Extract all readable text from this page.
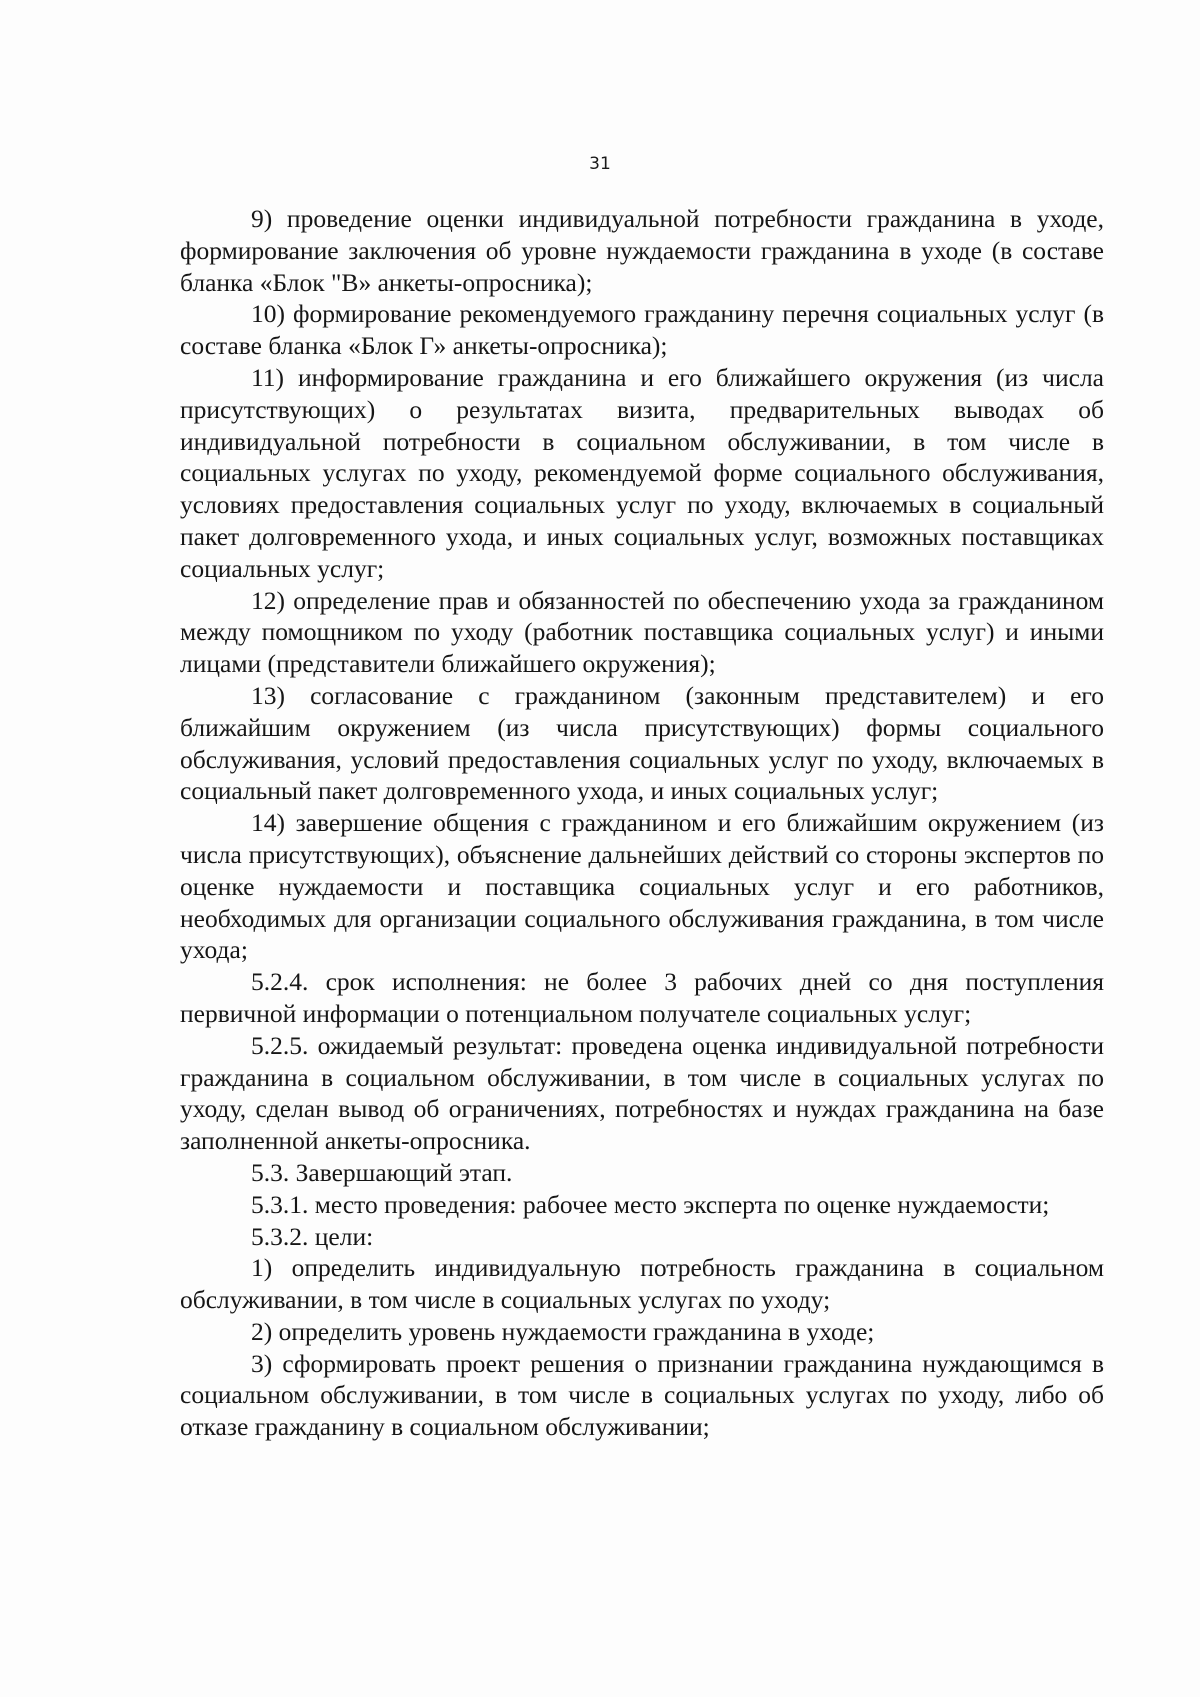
31

9) проведение оценки индивидуальной потребности гражданина в уходе, формирование заключения об уровне нуждаемости гражданина в уходе (в составе бланка «Блок "В» анкеты-опросника);

10) формирование рекомендуемого гражданину перечня социальных услуг (в составе бланка «Блок Г» анкеты-опросника);

11) информирование гражданина и его ближайшего окружения (из числа присутствующих) о результатах визита, предварительных выводах об индивидуальной потребности в социальном обслуживании, в том числе в социальных услугах по уходу, рекомендуемой форме социального обслуживания, условиях предоставления социальных услуг по уходу, включаемых в социальный пакет долговременного ухода, и иных социальных услуг, возможных поставщиках социальных услуг;

12) определение прав и обязанностей по обеспечению ухода за гражданином между помощником по уходу (работник поставщика социальных услуг) и иными лицами (представители ближайшего окружения);

13) согласование с гражданином (законным представителем) и его ближайшим окружением (из числа присутствующих) формы социального обслуживания, условий предоставления социальных услуг по уходу, включаемых в социальный пакет долговременного ухода, и иных социальных услуг;

14) завершение общения с гражданином и его ближайшим окружением (из числа присутствующих), объяснение дальнейших действий со стороны экспертов по оценке нуждаемости и поставщика социальных услуг и его работников, необходимых для организации социального обслуживания гражданина, в том числе ухода;

5.2.4. срок исполнения: не более 3 рабочих дней со дня поступления первичной информации о потенциальном получателе социальных услуг;

5.2.5. ожидаемый результат: проведена оценка индивидуальной потребности гражданина в социальном обслуживании, в том числе в социальных услугах по уходу, сделан вывод об ограничениях, потребностях и нуждах гражданина на базе заполненной анкеты-опросника.

5.3. Завершающий этап.

5.3.1. место проведения: рабочее место эксперта по оценке нуждаемости;

5.3.2. цели:

1) определить индивидуальную потребность гражданина в социальном обслуживании, в том числе в социальных услугах по уходу;

2) определить уровень нуждаемости гражданина в уходе;

3) сформировать проект решения о признании гражданина нуждающимся в социальном обслуживании, в том числе в социальных услугах по уходу, либо об отказе гражданину в социальном обслуживании;
